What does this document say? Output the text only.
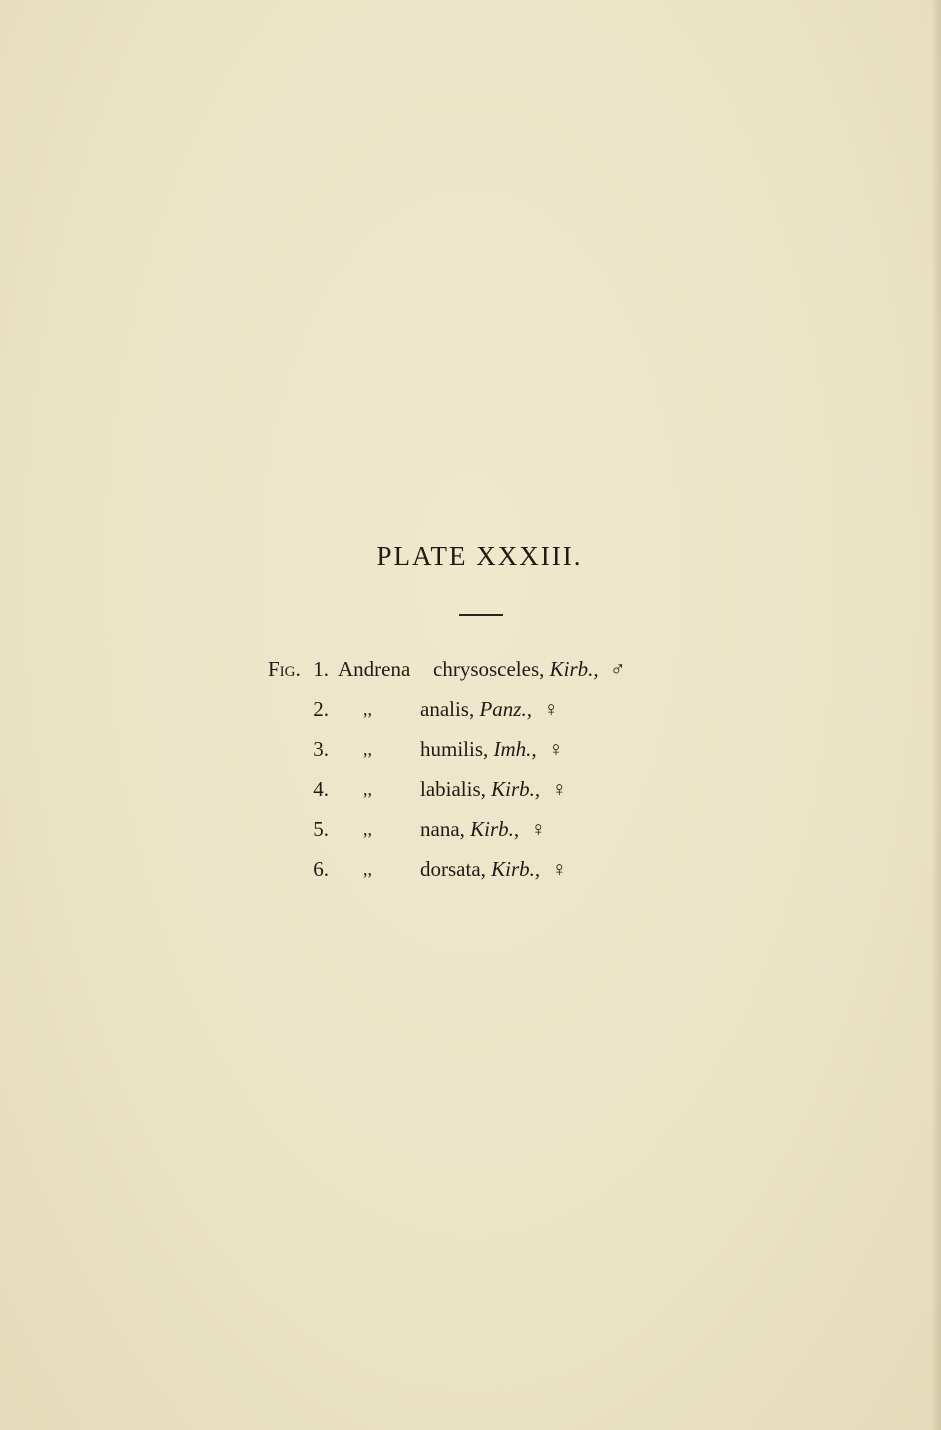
PLATE XXXIII.
Fig. 1. Andrena chrysosceles, Kirb., ♂
2. ,, analis, Panz., ♀
3. ,, humilis, Imh., ♀
4. ,, labialis, Kirb., ♀
5. ,, nana, Kirb., ♀
6. ,, dorsata, Kirb., ♀
